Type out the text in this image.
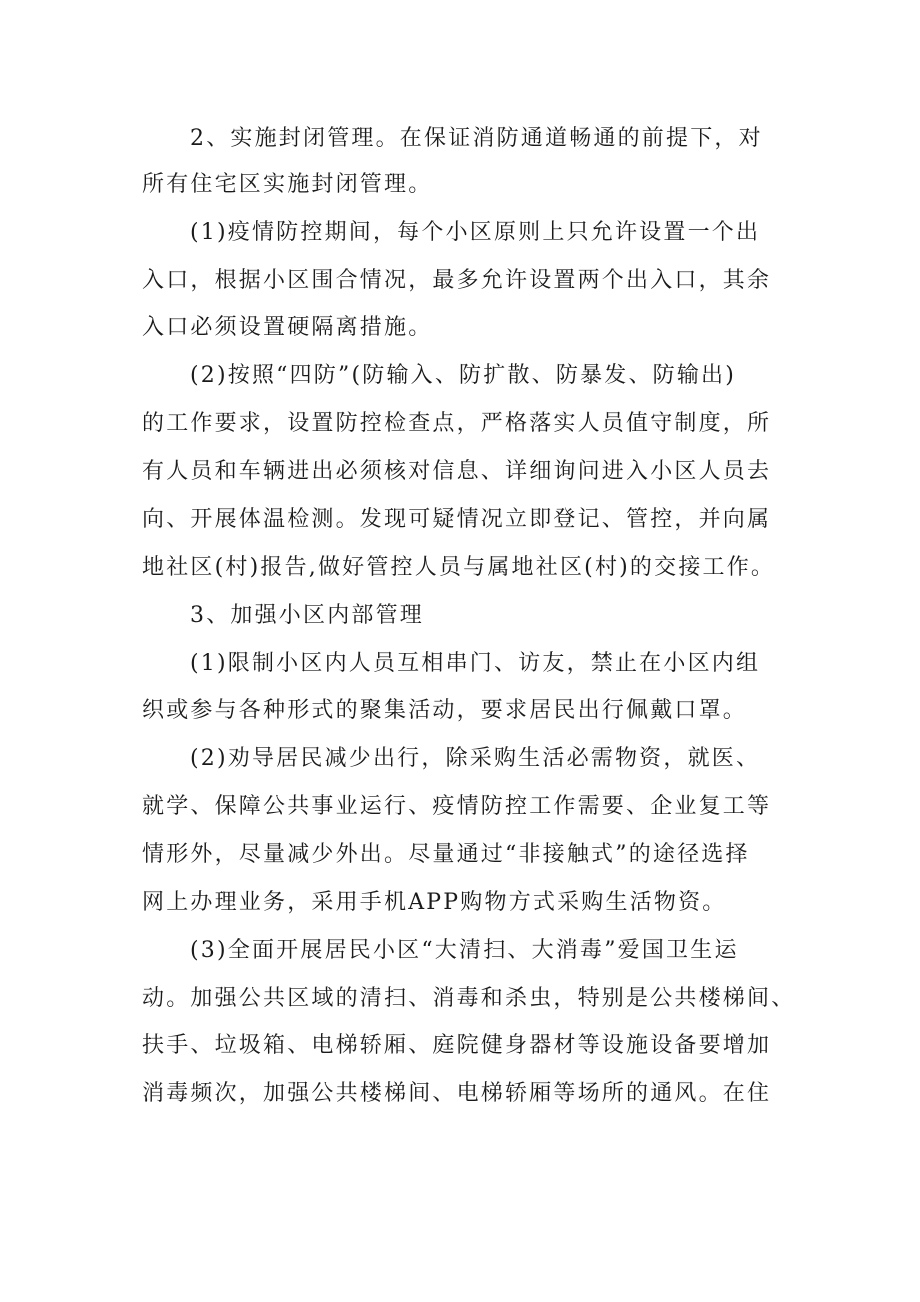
2、实施封闭管理。在保证消防通道畅通的前提下，对
所有住宅区实施封闭管理。
(1)疫情防控期间，每个小区原则上只允许设置一个出
入口，根据小区围合情况，最多允许设置两个出入口，其余
入口必须设置硬隔离措施。
(2)按照“四防”(防输入、防扩散、防暴发、防输出)
的工作要求，设置防控检查点，严格落实人员值守制度，所
有人员和车辆进出必须核对信息、详细询问进入小区人员去
向、开展体温检测。发现可疑情况立即登记、管控，并向属
地社区(村)报告,做好管控人员与属地社区(村)的交接工作。
3、加强小区内部管理
(1)限制小区内人员互相串门、访友，禁止在小区内组
织或参与各种形式的聚集活动，要求居民出行佩戴口罩。
(2)劝导居民减少出行，除采购生活必需物资，就医、
就学、保障公共事业运行、疫情防控工作需要、企业复工等
情形外，尽量减少外出。尽量通过“非接触式”的途径选择
网上办理业务，采用手机APP购物方式采购生活物资。
(3)全面开展居民小区“大清扫、大消毒”爱国卫生运
动。加强公共区域的清扫、消毒和杀虫，特别是公共楼梯间、
扶手、垃圾箱、电梯轿厢、庭院健身器材等设施设备要增加
消毒频次，加强公共楼梯间、电梯轿厢等场所的通风。在住
